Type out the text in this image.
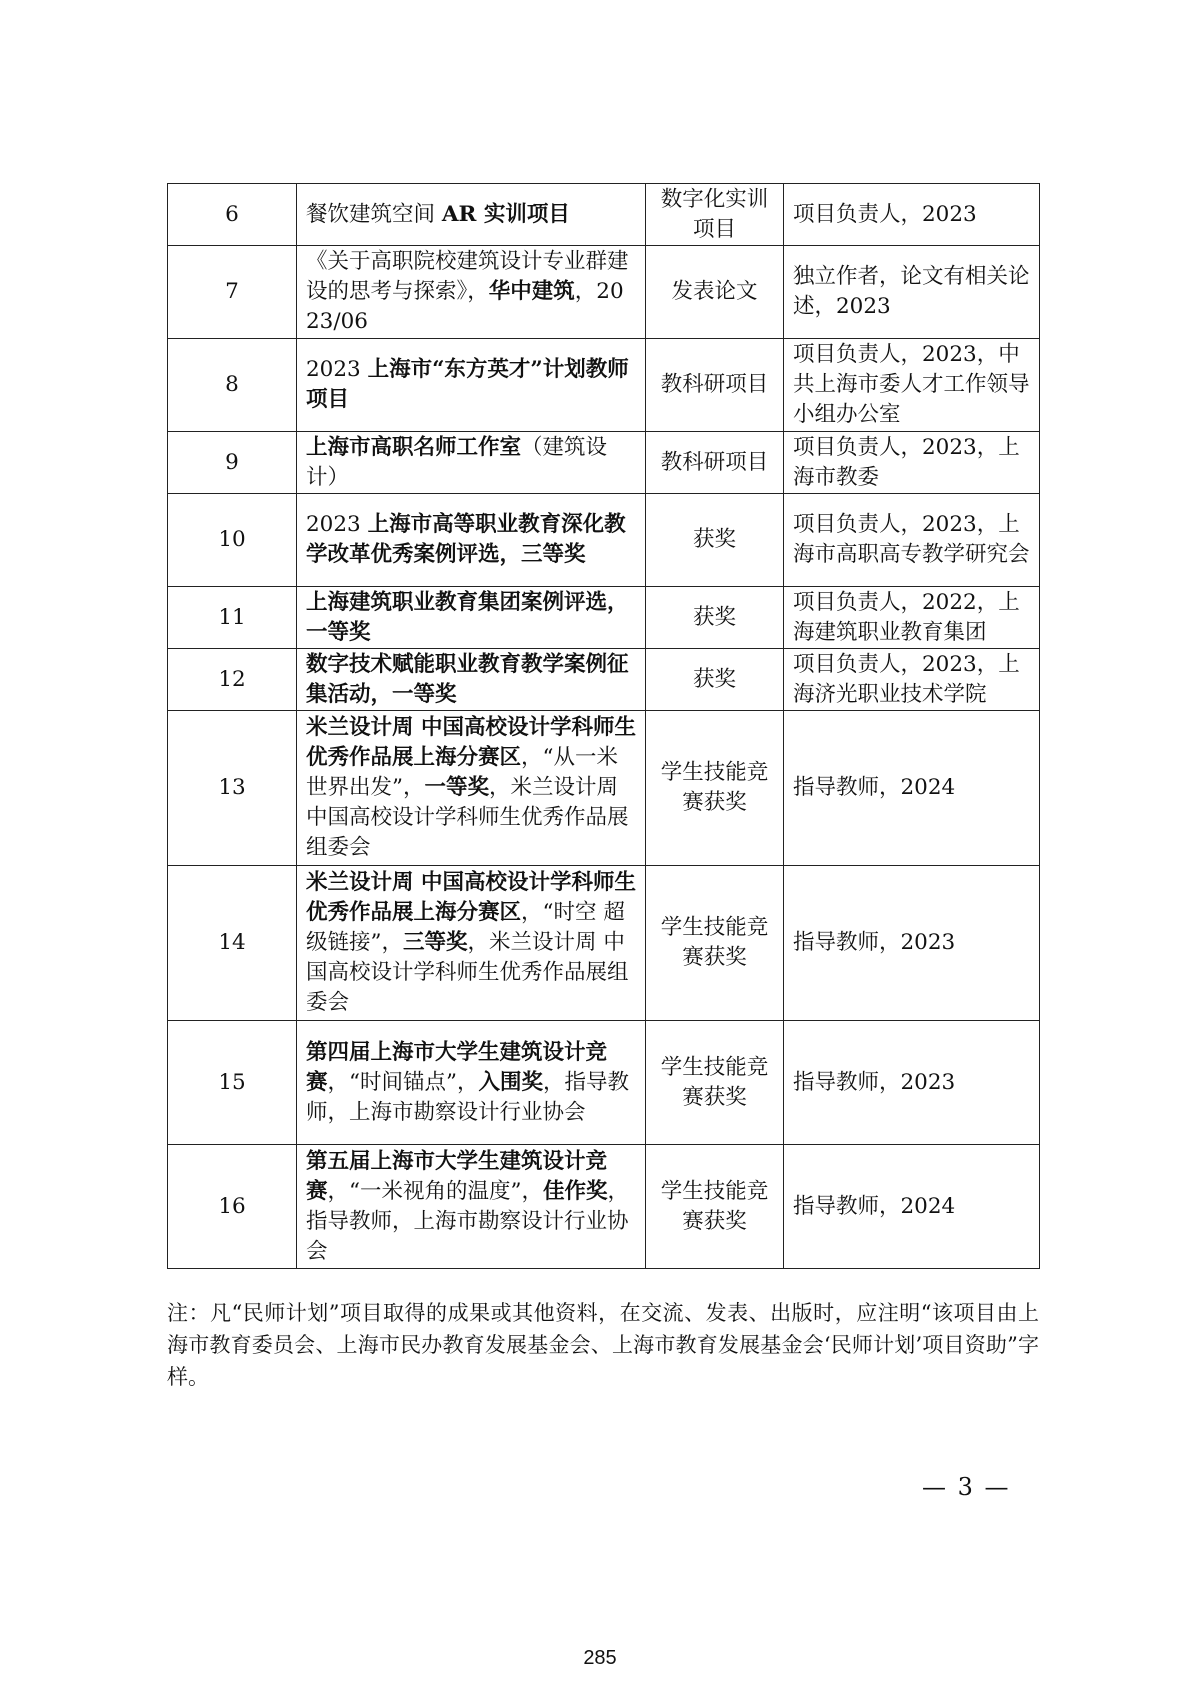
6	餐饮建筑空间 AR 实训项目	数字化实训项目	项目负责人，2023
7	《关于高职院校建筑设计专业群建设的思考与探索》，华中建筑，2023/06	发表论文	独立作者，论文有相关论述，2023
8	2023 上海市“东方英才”计划教师项目	教科研项目	项目负责人，2023，中共上海市委人才工作领导小组办公室
9	上海市高职名师工作室（建筑设计）	教科研项目	项目负责人，2023，上海市教委
10	2023 上海市高等职业教育深化教学改革优秀案例评选，三等奖	获奖	项目负责人，2023，上海市高职高专教学研究会
11	上海建筑职业教育集团案例评选，一等奖	获奖	项目负责人，2022，上海建筑职业教育集团
12	数字技术赋能职业教育教学案例征集活动，一等奖	获奖	项目负责人，2023，上海济光职业技术学院
13	米兰设计周 中国高校设计学科师生优秀作品展上海分赛区，“从一米世界出发”，一等奖，米兰设计周 中国高校设计学科师生优秀作品展组委会	学生技能竞赛获奖	指导教师，2024
14	米兰设计周 中国高校设计学科师生优秀作品展上海分赛区，“时空 超级链接”，三等奖，米兰设计周 中国高校设计学科师生优秀作品展组委会	学生技能竞赛获奖	指导教师，2023
15	第四届上海市大学生建筑设计竞赛，“时间锚点”，入围奖，指导教师，上海市勘察设计行业协会	学生技能竞赛获奖	指导教师，2023
16	第五届上海市大学生建筑设计竞赛，“一米视角的温度”，佳作奖，指导教师，上海市勘察设计行业协会	学生技能竞赛获奖	指导教师，2024

注：凡“民师计划”项目取得的成果或其他资料，在交流、发表、出版时，应注明“该项目由上海市教育委员会、上海市民办教育发展基金会、上海市教育发展基金会‘民师计划’项目资助”字样。

— 3 —
285
